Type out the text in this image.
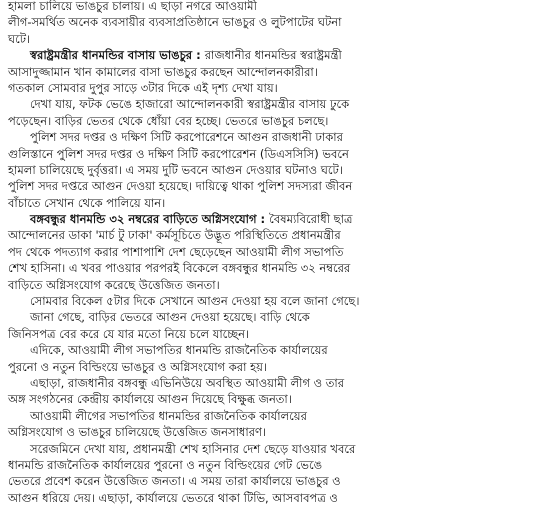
হামলা চালিয়ে ভাঙচুর চালায়। এ ছাড়া নগরে আওয়ামী
লীগ-সমর্থিত অনেক ব্যবসায়ীর ব্যবসাপ্রতিষ্ঠানে ভাঙচুর ও লুটপাটের ঘটনা
ঘটে।
স্বরাষ্ট্রমন্ত্রীর ধানমন্ডির বাসায় ভাঙচুর : রাজধানীর ধানমন্ডির স্বরাষ্ট্রমন্ত্রী
আসাদুজ্জামান খান কামালের বাসা ভাঙচুর করছেন আন্দোলনকারীরা।
গতকাল সোমবার দুপুর সাড়ে ৩টার দিকে এই দৃশ্য দেখা যায়।
দেখা যায়, ফটক ভেঙে হাজারো আন্দোলনকারী স্বরাষ্ট্রমন্ত্রীর বাসায় ঢুকে
পড়েছেন। বাড়ির ভেতর থেকে ধোঁয়া বের হচ্ছে। ভেতরে ভাঙচুর চলছে।
পুলিশ সদর দপ্তর ও দক্ষিণ সিটি করপোরেশনে আগুন রাজধানী ঢাকার
গুলিস্তানে পুলিশ সদর দপ্তর ও দক্ষিণ সিটি করপোরেশন (ডিএসসিসি) ভবনে
হামলা চালিয়েছে দুর্বৃত্তরা। এ সময় দুটি ভবনে আগুন দেওয়ার ঘটনাও ঘটে।
পুলিশ সদর দপ্তরে আগুন দেওয়া হয়েছে। দায়িত্বে থাকা পুলিশ সদস্যরা জীবন
বাঁচাতে সেখান থেকে পালিয়ে যান।
বঙ্গবন্ধুর ধানমন্ডি ৩২ নম্বরের বাড়িতে অগ্নিসংযোগ : বৈষম্যবিরোধী ছাত্র
আন্দোলনের ডাকা 'মার্চ টু ঢাকা' কর্মসূচিতে উদ্ভূত পরিস্থিতিতে প্রধানমন্ত্রীর
পদ থেকে পদত্যাগ করার পাশাপাশি দেশ ছেড়েছেন আওয়ামী লীগ সভাপতি
শেখ হাসিনা। এ খবর পাওয়ার পরপরই বিকেলে বঙ্গবন্ধুর ধানমন্ডি ৩২ নম্বরের
বাড়িতে অগ্নিসংযোগ করেছে উত্তেজিত জনতা।
সোমবার বিকেল ৫টার দিকে সেখানে আগুন দেওয়া হয় বলে জানা গেছে।
জানা গেছে, বাড়ির ভেতরে আগুন দেওয়া হয়েছে। বাড়ি থেকে
জিনিসপত্র বের করে যে যার মতো নিয়ে চলে যাচ্ছেন।
এদিকে, আওয়ামী লীগ সভাপতির ধানমন্ডি রাজনৈতিক কার্যালয়ের
পুরনো ও নতুন বিল্ডিংয়ে ভাঙচুর ও অগ্নিসংযোগ করা হয়।
এছাড়া, রাজধানীর বঙ্গবন্ধু এভিনিউয়ে অবস্থিত আওয়ামী লীগ ও তার
অঙ্গ সংগঠনের কেন্দ্রীয় কার্যালয়ে আগুন দিয়েছে বিক্ষুব্ধ জনতা।
আওয়ামী লীগের সভাপতির ধানমন্ডির রাজনৈতিক কার্যালয়ের
অগ্নিসংযোগ ও ভাঙচুর চালিয়েছে উত্তেজিত জনসাধারণ।
সরেজমিনে দেখা যায়, প্রধানমন্ত্রী শেখ হাসিনার দেশ ছেড়ে যাওয়ার খবরে
ধানমন্ডি রাজনৈতিক কার্যালয়ের পুরনো ও নতুন বিল্ডিংয়ের গেট ভেঙে
ভেতরে প্রবেশ করেন উত্তেজিত জনতা। এ সময় তারা কার্যালয়ে ভাঙচুর ও
আগুন ধরিয়ে দেয়। এছাড়া, কার্যালয়ে ভেতরে থাকা টিভি, আসবাবপত্র ও
